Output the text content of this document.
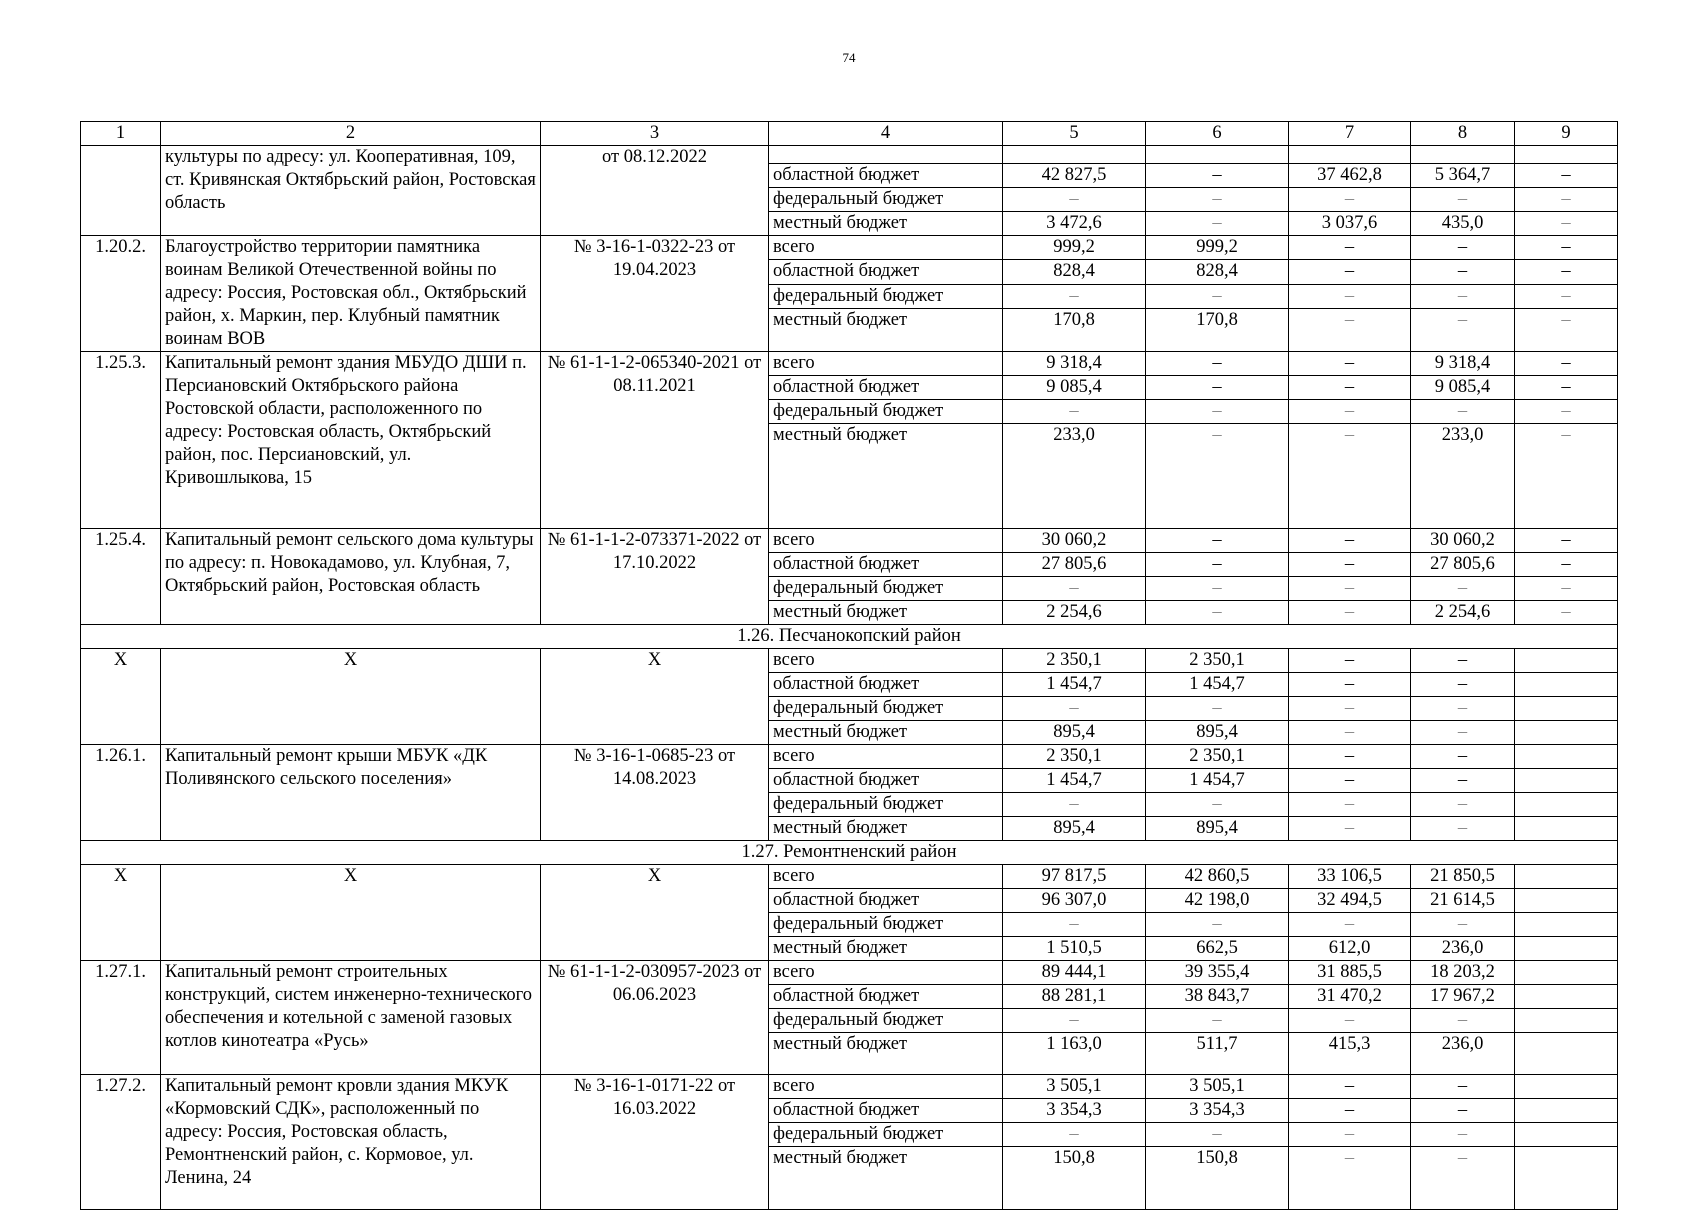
74
1	2	3	4	5	6	7	8	9
	культуры по адресу: ул. Кооперативная, 109, ст. Кривянская Октябрьский район, Ростовская область	от 08.12.2022						
			областной бюджет	42 827,5	–	37 462,8	5 364,7	–
			федеральный бюджет	–	–	–	–	–
			местный бюджет	3 472,6	–	3 037,6	435,0	–
1.20.2.	Благоустройство территории памятника воинам Великой Отечественной войны по адресу: Россия, Ростовская обл., Октябрьский район, х. Маркин, пер. Клубный памятник воинам ВОВ	№ 3-16-1-0322-23 от 19.04.2023	всего	999,2	999,2	–	–	–
			областной бюджет	828,4	828,4	–	–	–
			федеральный бюджет	–	–	–	–	–
			местный бюджет	170,8	170,8	–	–	–
1.25.3.	Капитальный ремонт здания МБУДО ДШИ п. Персиановский Октябрьского района Ростовской области, расположенного по адресу: Ростовская область, Октябрьский район, пос. Персиановский, ул. Кривошлыкова, 15	№ 61-1-1-2-065340-2021 от 08.11.2021	всего	9 318,4	–	–	9 318,4	–
			областной бюджет	9 085,4	–	–	9 085,4	–
			федеральный бюджет	–	–	–	–	–
			местный бюджет	233,0	–	–	233,0	–
1.25.4.	Капитальный ремонт сельского дома культуры по адресу: п. Новокадамово, ул. Клубная, 7, Октябрьский район, Ростовская область	№ 61-1-1-2-073371-2022 от 17.10.2022	всего	30 060,2	–	–	30 060,2	–
			областной бюджет	27 805,6	–	–	27 805,6	–
			федеральный бюджет	–	–	–	–	–
			местный бюджет	2 254,6	–	–	2 254,6	–
1.26. Песчанокопский район								
Х	Х	Х	всего	2 350,1	2 350,1	–	–	
			областной бюджет	1 454,7	1 454,7	–	–	
			федеральный бюджет	–	–	–	–	
			местный бюджет	895,4	895,4	–	–	
1.26.1.	Капитальный ремонт крыши МБУК «ДК Поливянского сельского поселения»	№ 3-16-1-0685-23 от 14.08.2023	всего	2 350,1	2 350,1	–	–	
			областной бюджет	1 454,7	1 454,7	–	–	
			федеральный бюджет	–	–	–	–	
			местный бюджет	895,4	895,4	–	–	
1.27. Ремонтненский район								
Х	Х	Х	всего	97 817,5	42 860,5	33 106,5	21 850,5	
			областной бюджет	96 307,0	42 198,0	32 494,5	21 614,5	
			федеральный бюджет	–	–	–	–	
			местный бюджет	1 510,5	662,5	612,0	236,0	
1.27.1.	Капитальный ремонт строительных конструкций, систем инженерно-технического обеспечения и котельной с заменой газовых котлов кинотеатра «Русь»	№ 61-1-1-2-030957-2023 от 06.06.2023	всего	89 444,1	39 355,4	31 885,5	18 203,2	
			областной бюджет	88 281,1	38 843,7	31 470,2	17 967,2	
			федеральный бюджет	–	–	–	–	
			местный бюджет	1 163,0	511,7	415,3	236,0	
1.27.2.	Капитальный ремонт кровли здания МКУК «Кормовский СДК», расположенный по адресу: Россия, Ростовская область, Ремонтненский район, с. Кормовое, ул. Ленина, 24	№ 3-16-1-0171-22 от 16.03.2022	всего	3 505,1	3 505,1	–	–	
			областной бюджет	3 354,3	3 354,3	–	–	
			федеральный бюджет	–	–	–	–	
			местный бюджет	150,8	150,8	–	–	
